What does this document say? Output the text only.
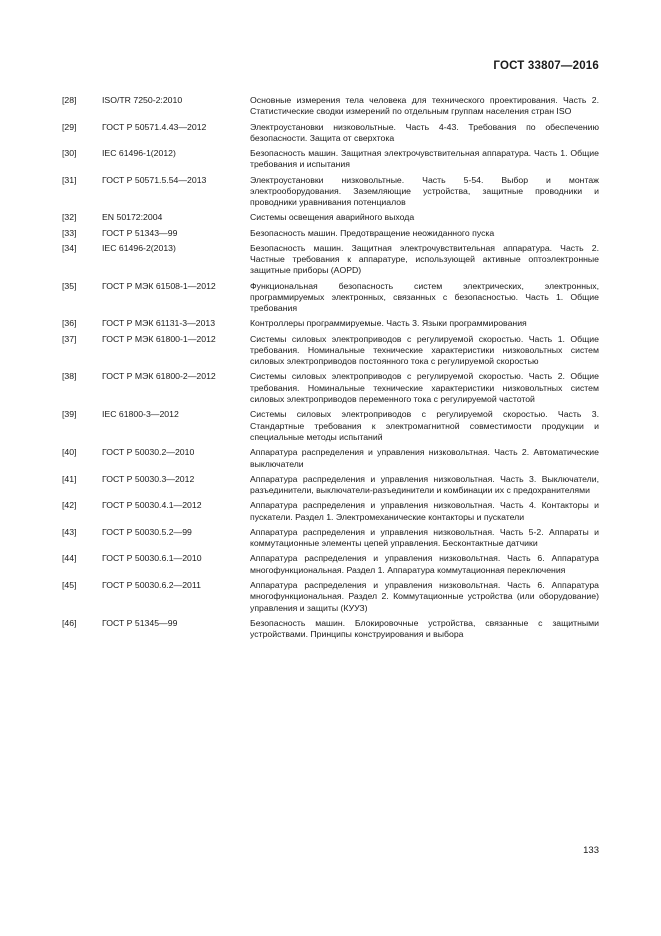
ГОСТ 33807—2016
[28]	ISO/TR 7250-2:2010	Основные измерения тела человека для технического проектирования. Часть 2. Статистические сводки измерений по отдельным группам населения стран ISO
[29]	ГОСТ Р 50571.4.43—2012	Электроустановки низковольтные. Часть 4-43. Требования по обеспечению безопасности. Защита от сверхтока
[30]	IEC 61496-1(2012)	Безопасность машин. Защитная электрочувствительная аппаратура. Часть 1. Общие требования и испытания
[31]	ГОСТ Р 50571.5.54—2013	Электроустановки низковольтные. Часть 5-54. Выбор и монтаж электрооборудования. Заземляющие устройства, защитные проводники и проводники уравнивания потенциалов
[32]	EN 50172:2004	Системы освещения аварийного выхода
[33]	ГОСТ Р 51343—99	Безопасность машин. Предотвращение неожиданного пуска
[34]	IEC 61496-2(2013)	Безопасность машин. Защитная электрочувствительная аппаратура. Часть 2. Частные требования к аппаратуре, использующей активные оптоэлектронные защитные приборы (AOPD)
[35]	ГОСТ Р МЭК 61508-1—2012	Функциональная безопасность систем электрических, электронных, программируемых электронных, связанных с безопасностью. Часть 1. Общие требования
[36]	ГОСТ Р МЭК 61131-3—2013	Контроллеры программируемые. Часть 3. Языки программирования
[37]	ГОСТ Р МЭК 61800-1—2012	Системы силовых электроприводов с регулируемой скоростью. Часть 1. Общие требования. Номинальные технические характеристики низковольтных систем силовых электроприводов постоянного тока с регулируемой скоростью
[38]	ГОСТ Р МЭК 61800-2—2012	Системы силовых электроприводов с регулируемой скоростью. Часть 2. Общие требования. Номинальные технические характеристики низковольтных систем силовых электроприводов переменного тока с регулируемой частотой
[39]	IEC 61800-3—2012	Системы силовых электроприводов с регулируемой скоростью. Часть 3. Стандартные требования к электромагнитной совместимости продукции и специальные методы испытаний
[40]	ГОСТ Р 50030.2—2010	Аппаратура распределения и управления низковольтная. Часть 2. Автоматические выключатели
[41]	ГОСТ Р 50030.3—2012	Аппаратура распределения и управления низковольтная. Часть 3. Выключатели, разъединители, выключатели-разъединители и комбинации их с предохранителями
[42]	ГОСТ Р 50030.4.1—2012	Аппаратура распределения и управления низковольтная. Часть 4. Контакторы и пускатели. Раздел 1. Электромеханические контакторы и пускатели
[43]	ГОСТ Р 50030.5.2—99	Аппаратура распределения и управления низковольтная. Часть 5-2. Аппараты и коммутационные элементы цепей управления. Бесконтактные датчики
[44]	ГОСТ Р 50030.6.1—2010	Аппаратура распределения и управления низковольтная. Часть 6. Аппаратура многофункциональная. Раздел 1. Аппаратура коммутационная переключения
[45]	ГОСТ Р 50030.6.2—2011	Аппаратура распределения и управления низковольтная. Часть 6. Аппаратура многофункциональная. Раздел 2. Коммутационные устройства (или оборудование) управления и защиты (КУУЗ)
[46]	ГОСТ Р 51345—99	Безопасность машин. Блокировочные устройства, связанные с защитными устройствами. Принципы конструирования и выбора
133
